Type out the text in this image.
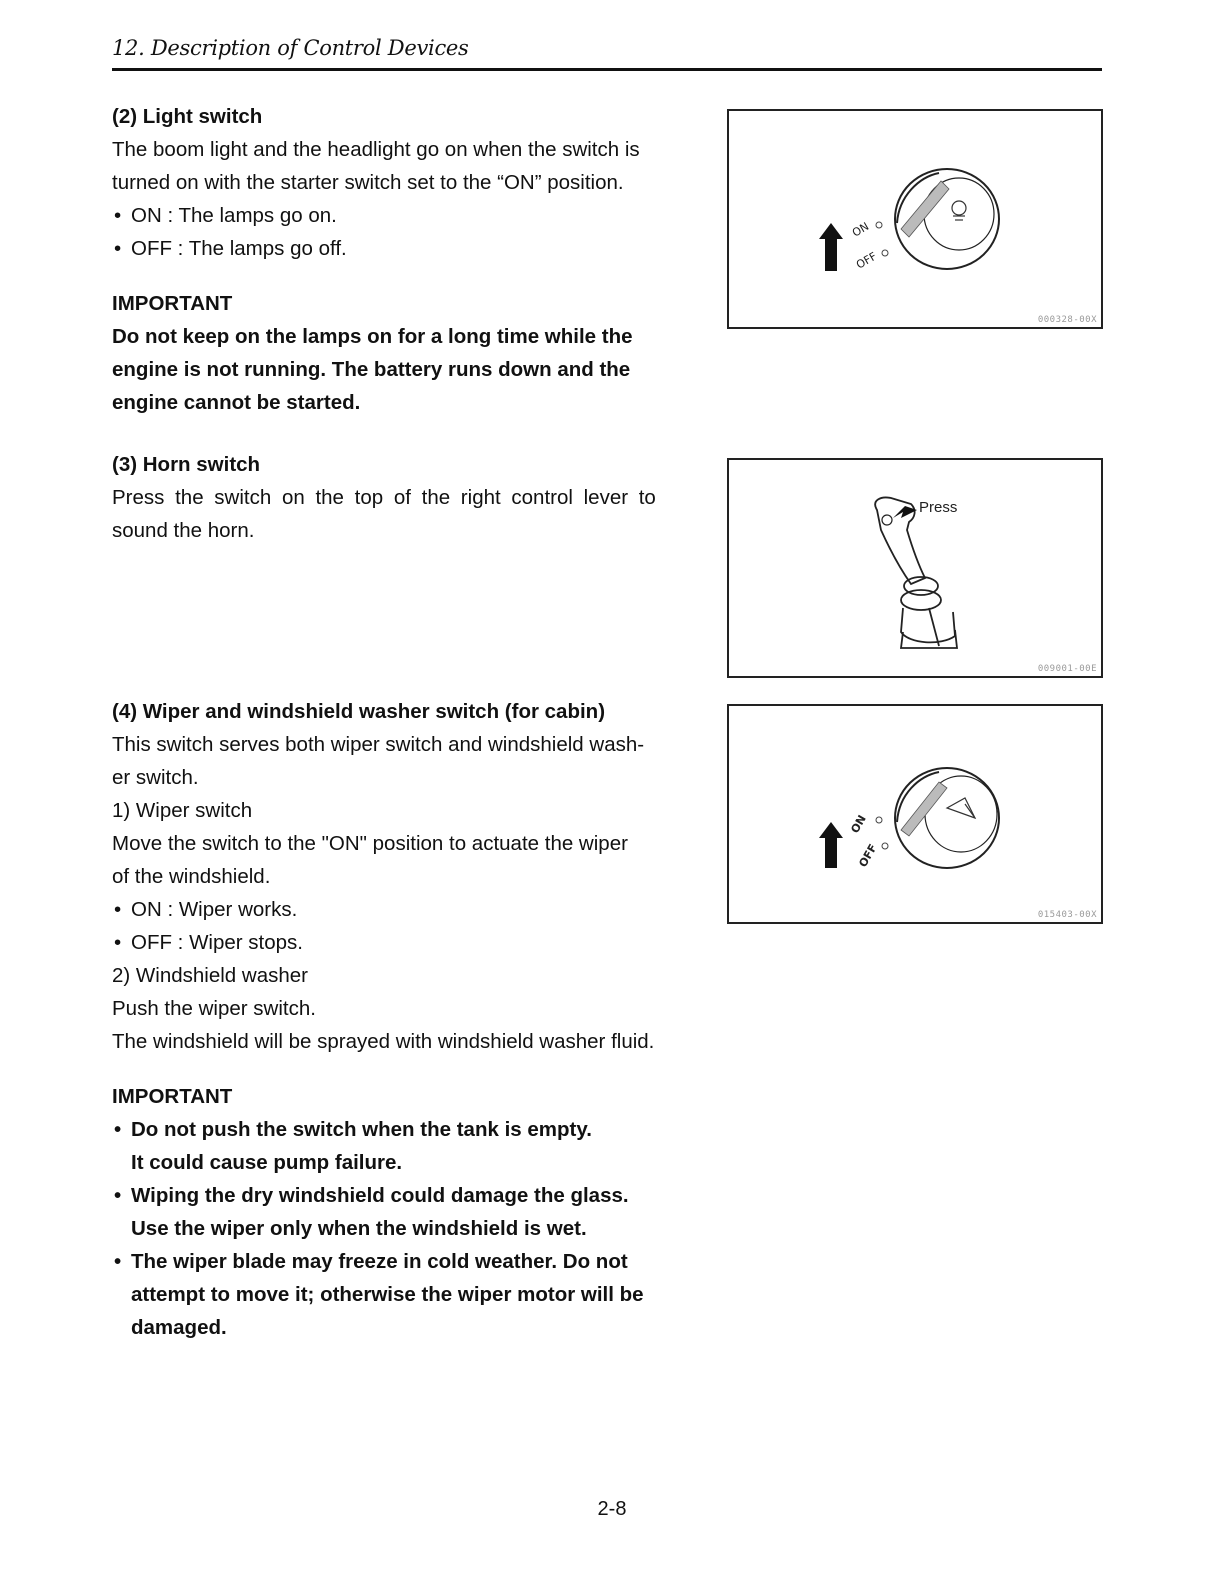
12. Description of Control Devices

(2) Light switch

The boom light and the headlight go on when the switch is

turned on with the starter switch set to the “ON” position.

• ON : The lamps go on.

• OFF : The lamps go off.

IMPORTANT

Do not keep on the lamps on for a long time while the

engine is not running. The battery runs down and the

engine cannot be started.

(3) Horn switch

Press the switch on the top of the right control lever to

sound the horn.

(4) Wiper and windshield washer switch (for cabin)

This switch serves both wiper switch and windshield wash-

er switch.

1) Wiper switch

Move the switch to the "ON" position to actuate the wiper

of the windshield.

• ON : Wiper works.

• OFF : Wiper stops.

2) Windshield washer

Push the wiper switch.

The windshield will be sprayed with windshield washer fluid.

IMPORTANT

• Do not push the switch when the tank is empty.
It could cause pump failure.

• Wiping the dry windshield could damage the glass.
Use the wiper only when the windshield is wet.

• The wiper blade may freeze in cold weather. Do not
attempt to move it; otherwise the wiper motor will be
damaged.

ON
OFF
000328-00X
Press
009001-00E
ON
OFF
015403-00X
2-8
